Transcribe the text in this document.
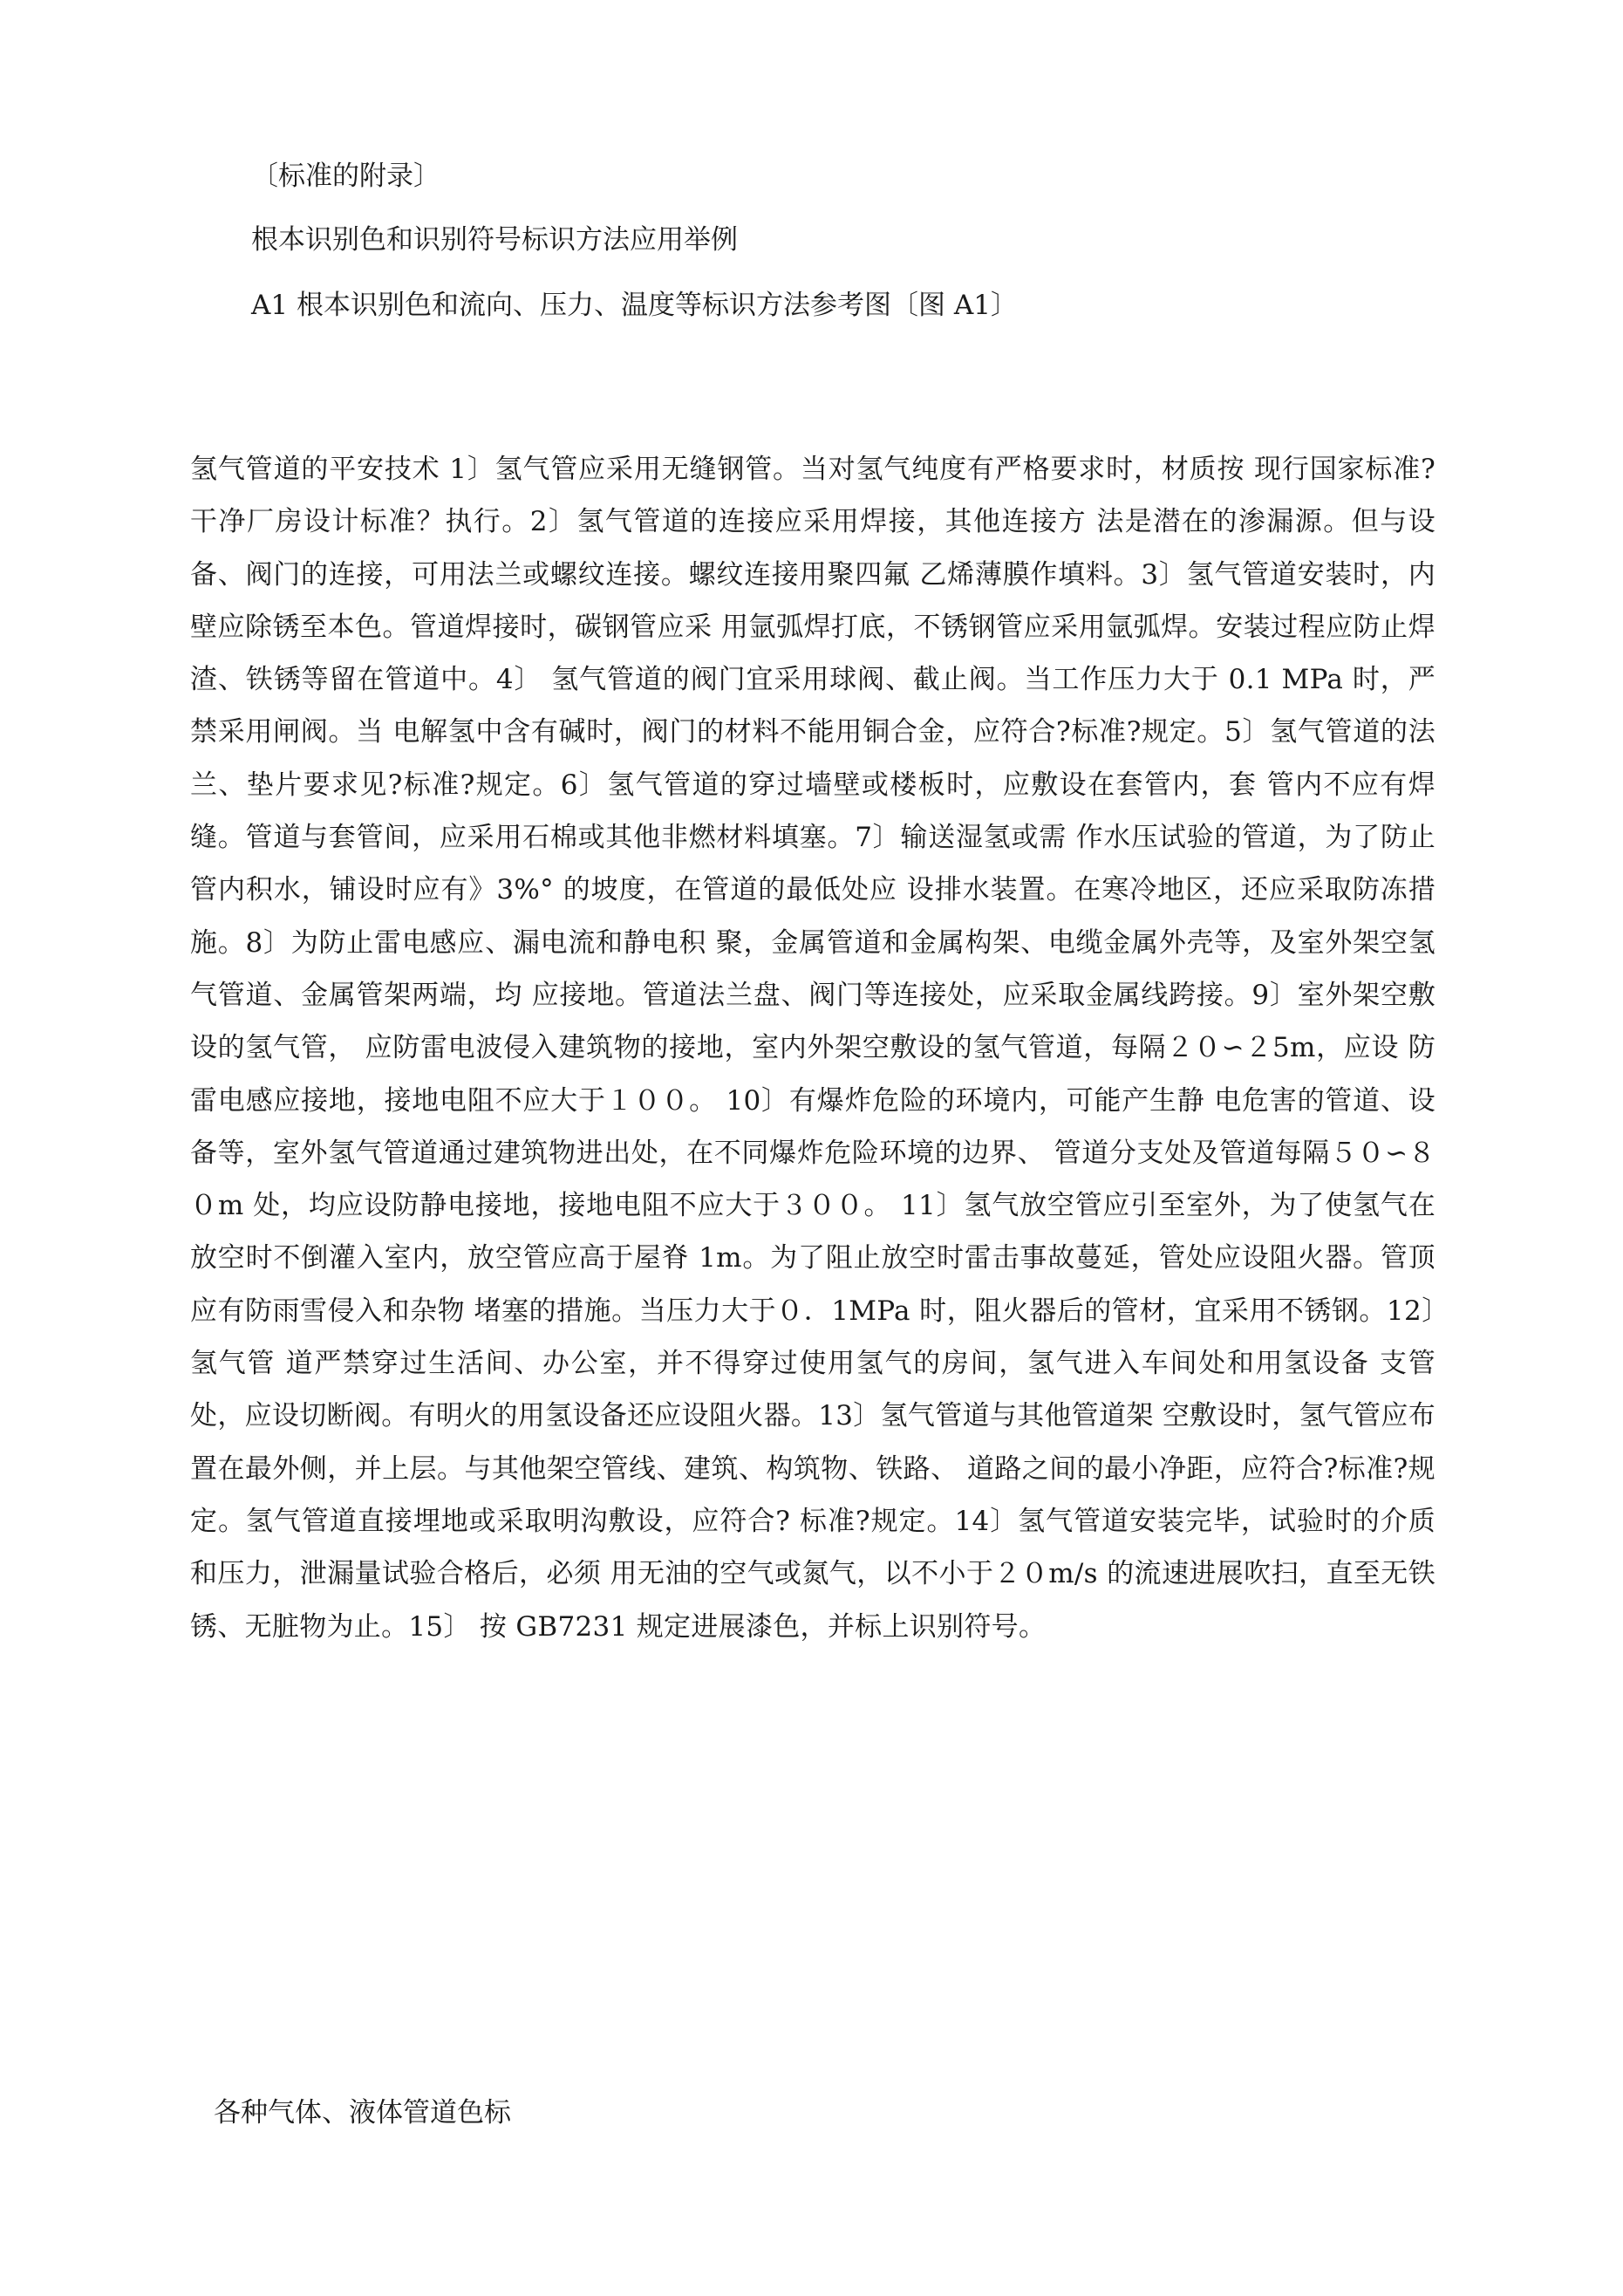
〔标准的附录〕
根本识别色和识别符号标识方法应用举例
A1 根本识别色和流向、压力、温度等标识方法参考图〔图 A1〕
氢气管道的平安技术 1〕氢气管应采用无缝钢管。当对氢气纯度有严格要求时，材质按 现行国家标准?干净厂房设计标准？执行。2〕氢气管道的连接应采用焊接，其他连接方 法是潜在的渗漏源。但与设备、阀门的连接，可用法兰或螺纹连接。螺纹连接用聚四氟 乙烯薄膜作填料。3〕氢气管道安装时，内壁应除锈至本色。管道焊接时，碳钢管应采 用氩弧焊打底，不锈钢管应采用氩弧焊。安装过程应防止焊渣、铁锈等留在管道中。4〕 氢气管道的阀门宜采用球阀、截止阀。当工作压力大于 0.1 MPa 时，严禁采用闸阀。当 电解氢中含有碱时，阀门的材料不能用铜合金，应符合?标准?规定。5〕氢气管道的法 兰、垫片要求见?标准?规定。6〕氢气管道的穿过墙壁或楼板时，应敷设在套管内，套 管内不应有焊缝。管道与套管间，应采用石棉或其他非燃材料填塞。7〕输送湿氢或需 作水压试验的管道，为了防止管内积水，铺设时应有》3%° 的坡度，在管道的最低处应 设排水装置。在寒冷地区，还应采取防冻措施。8〕为防止雷电感应、漏电流和静电积 聚，金属管道和金属构架、电缆金属外壳等，及室外架空氢气管道、金属管架两端，均 应接地。管道法兰盘、阀门等连接处，应采取金属线跨接。9〕室外架空敷设的氢气管， 应防雷电波侵入建筑物的接地，室内外架空敷设的氢气管道，每隔２０∽２5m，应设 防雷电感应接地，接地电阻不应大于１００。 10〕有爆炸危险的环境内，可能产生静 电危害的管道、设备等，室外氢气管道通过建筑物进出处，在不同爆炸危险环境的边界、 管道分支处及管道每隔５０∽８０m 处，均应设防静电接地，接地电阻不应大于３００。 11〕氢气放空管应引至室外，为了使氢气在放空时不倒灌入室内，放空管应高于屋脊 1m。为了阻止放空时雷击事故蔓延，管处应设阻火器。管顶应有防雨雪侵入和杂物 堵塞的措施。当压力大于０．1MPa 时，阻火器后的管材，宜采用不锈钢。12〕氢气管 道严禁穿过生活间、办公室，并不得穿过使用氢气的房间，氢气进入车间处和用氢设备 支管处，应设切断阀。有明火的用氢设备还应设阻火器。13〕氢气管道与其他管道架 空敷设时，氢气管应布置在最外侧，并上层。与其他架空管线、建筑、构筑物、铁路、 道路之间的最小净距，应符合?标准?规定。氢气管道直接埋地或采取明沟敷设，应符合? 标准?规定。14〕氢气管道安装完毕，试验时的介质和压力，泄漏量试验合格后，必须 用无油的空气或氮气，以不小于２０m/s 的流速进展吹扫，直至无铁锈、无脏物为止。15〕 按 GB7231 规定进展漆色，并标上识别符号。
各种气体、液体管道色标
